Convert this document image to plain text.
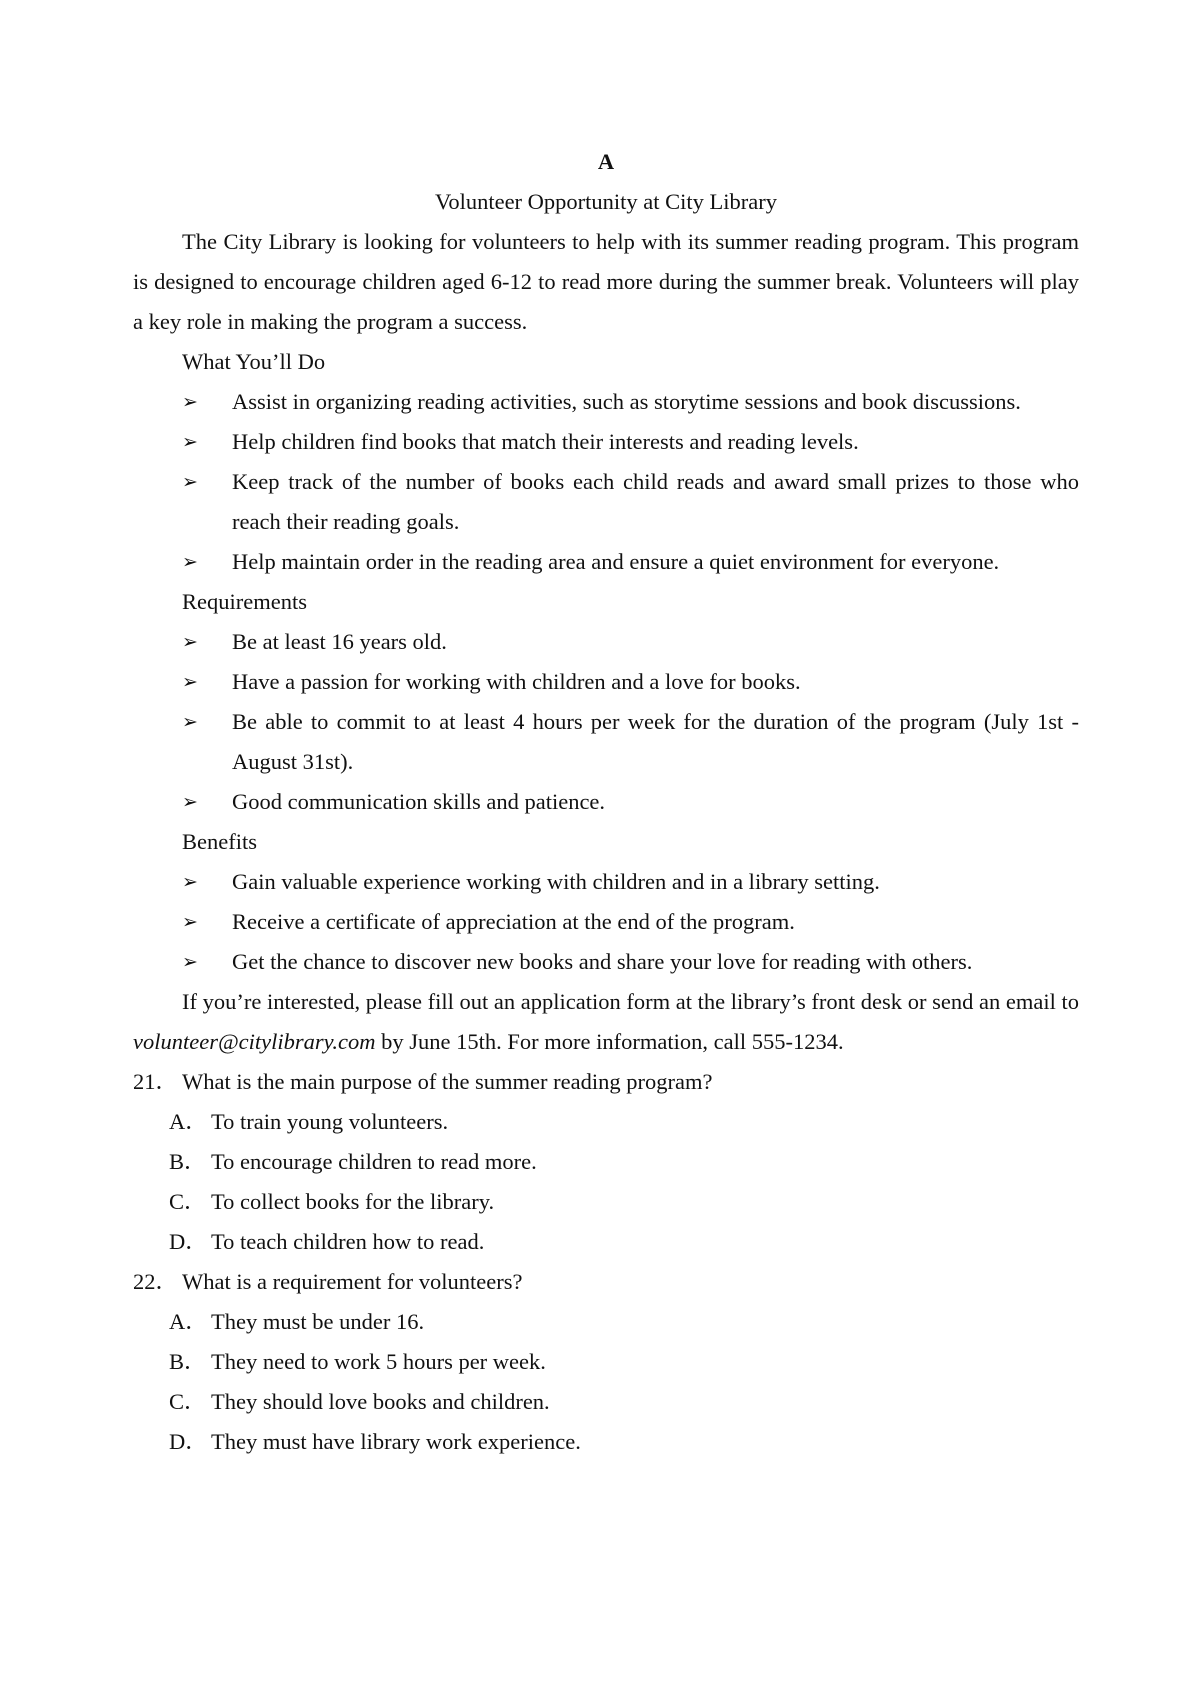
A
Volunteer Opportunity at City Library

The City Library is looking for volunteers to help with its summer reading program. This program is designed to encourage children aged 6-12 to read more during the summer break. Volunteers will play a key role in making the program a success.

What You’ll Do
➢	Assist in organizing reading activities, such as storytime sessions and book discussions.
➢	Help children find books that match their interests and reading levels.
➢	Keep track of the number of books each child reads and award small prizes to those who reach their reading goals.
➢	Help maintain order in the reading area and ensure a quiet environment for everyone.
Requirements
➢	Be at least 16 years old.
➢	Have a passion for working with children and a love for books.
➢	Be able to commit to at least 4 hours per week for the duration of the program (July 1st - August 31st).
➢	Good communication skills and patience.
Benefits
➢	Gain valuable experience working with children and in a library setting.
➢	Receive a certificate of appreciation at the end of the program.
➢	Get the chance to discover new books and share your love for reading with others.

If you’re interested, please fill out an application form at the library’s front desk or send an email to volunteer@citylibrary.com by June 15th. For more information, call 555-1234.

21． What is the main purpose of the summer reading program?
A． To train young volunteers.
B． To encourage children to read more.
C． To collect books for the library.
D． To teach children how to read.
22． What is a requirement for volunteers?
A． They must be under 16.
B． They need to work 5 hours per week.
C． They should love books and children.
D． They must have library work experience.
